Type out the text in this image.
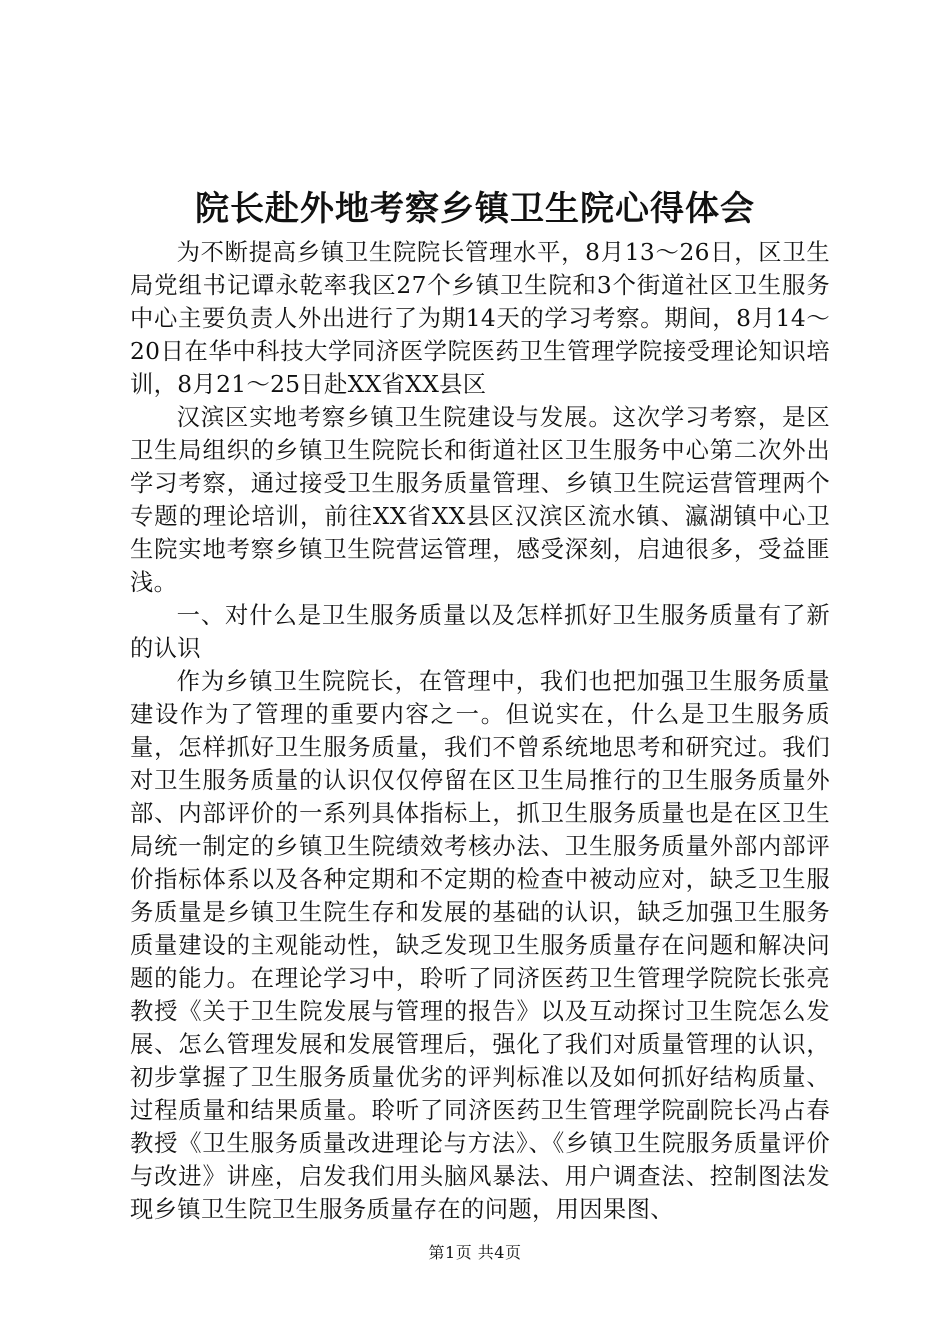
院长赴外地考察乡镇卫生院心得体会

为不断提高乡镇卫生院院长管理水平，8月13～26日，区卫生局党组书记谭永乾率我区27个乡镇卫生院和3个街道社区卫生服务中心主要负责人外出进行了为期14天的学习考察。期间，8月14～20日在华中科技大学同济医学院医药卫生管理学院接受理论知识培训，8月21～25日赴XX省XX县区

汉滨区实地考察乡镇卫生院建设与发展。这次学习考察，是区卫生局组织的乡镇卫生院院长和街道社区卫生服务中心第二次外出学习考察，通过接受卫生服务质量管理、乡镇卫生院运营管理两个专题的理论培训，前往XX省XX县区汉滨区流水镇、瀛湖镇中心卫生院实地考察乡镇卫生院营运管理，感受深刻，启迪很多，受益匪浅。

一、对什么是卫生服务质量以及怎样抓好卫生服务质量有了新的认识

作为乡镇卫生院院长，在管理中，我们也把加强卫生服务质量建设作为了管理的重要内容之一。但说实在，什么是卫生服务质量，怎样抓好卫生服务质量，我们不曾系统地思考和研究过。我们对卫生服务质量的认识仅仅停留在区卫生局推行的卫生服务质量外部、内部评价的一系列具体指标上，抓卫生服务质量也是在区卫生局统一制定的乡镇卫生院绩效考核办法、卫生服务质量外部内部评价指标体系以及各种定期和不定期的检查中被动应对，缺乏卫生服务质量是乡镇卫生院生存和发展的基础的认识，缺乏加强卫生服务质量建设的主观能动性，缺乏发现卫生服务质量存在问题和解决问题的能力。在理论学习中，聆听了同济医药卫生管理学院院长张亮教授《关于卫生院发展与管理的报告》以及互动探讨卫生院怎么发展、怎么管理发展和发展管理后，强化了我们对质量管理的认识，初步掌握了卫生服务质量优劣的评判标准以及如何抓好结构质量、过程质量和结果质量。聆听了同济医药卫生管理学院副院长冯占春教授《卫生服务质量改进理论与方法》、《乡镇卫生院服务质量评价与改进》讲座，启发我们用头脑风暴法、用户调查法、控制图法发现乡镇卫生院卫生服务质量存在的问题，用因果图、

第1页 共4页
